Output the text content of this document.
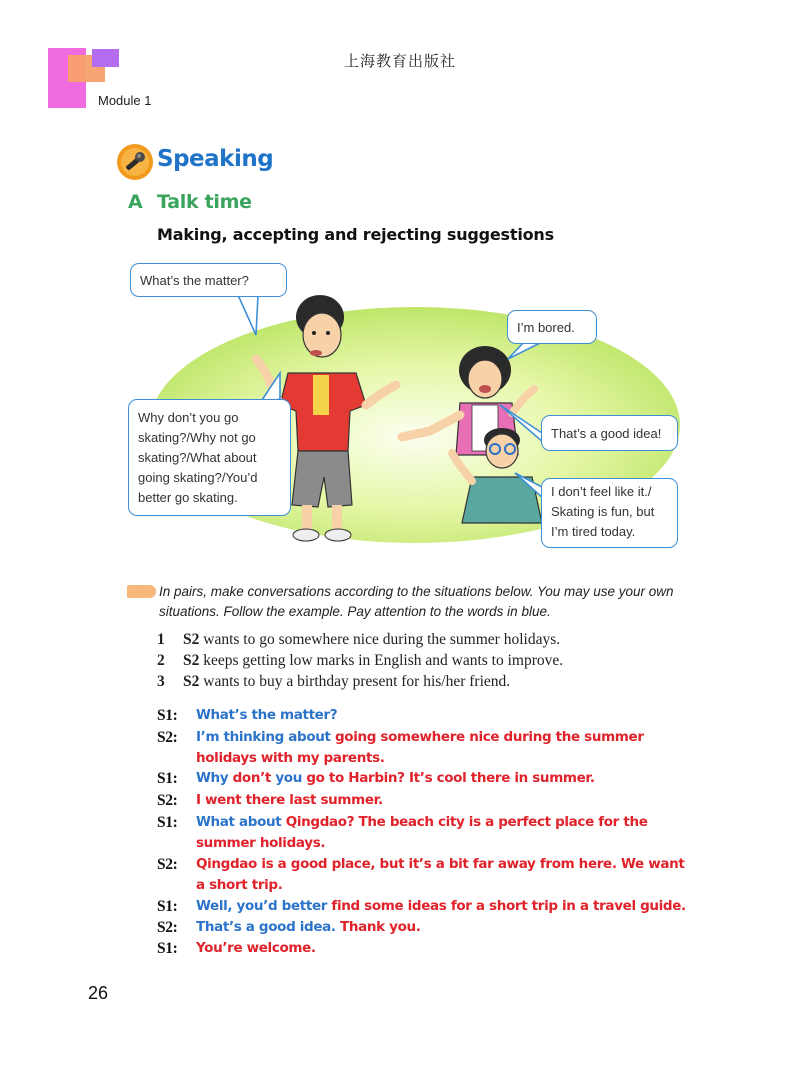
上海教育出版社
Module 1
Speaking
A Talk time
Making, accepting and rejecting suggestions
What’s the matter?
I’m bored.
Why don’t you go
skating?/Why not go
skating?/What about
going skating?/You’d
better go skating.
That’s a good idea!
I don’t feel like it./
Skating is fun, but
I’m tired today.
In pairs, make conversations according to the situations below. You may use your own situations. Follow the example. Pay attention to the words in blue.
1 S2 wants to go somewhere nice during the summer holidays.
2 S2 keeps getting low marks in English and wants to improve.
3 S2 wants to buy a birthday present for his/her friend.
S1: What’s the matter?
S2: I’m thinking about going somewhere nice during the summer holidays with my parents.
S1: Why don’t you go to Harbin? It’s cool there in summer.
S2: I went there last summer.
S1: What about Qingdao? The beach city is a perfect place for the summer holidays.
S2: Qingdao is a good place, but it’s a bit far away from here. We want a short trip.
S1: Well, you’d better find some ideas for a short trip in a travel guide.
S2: That’s a good idea. Thank you.
S1: You’re welcome.
26
